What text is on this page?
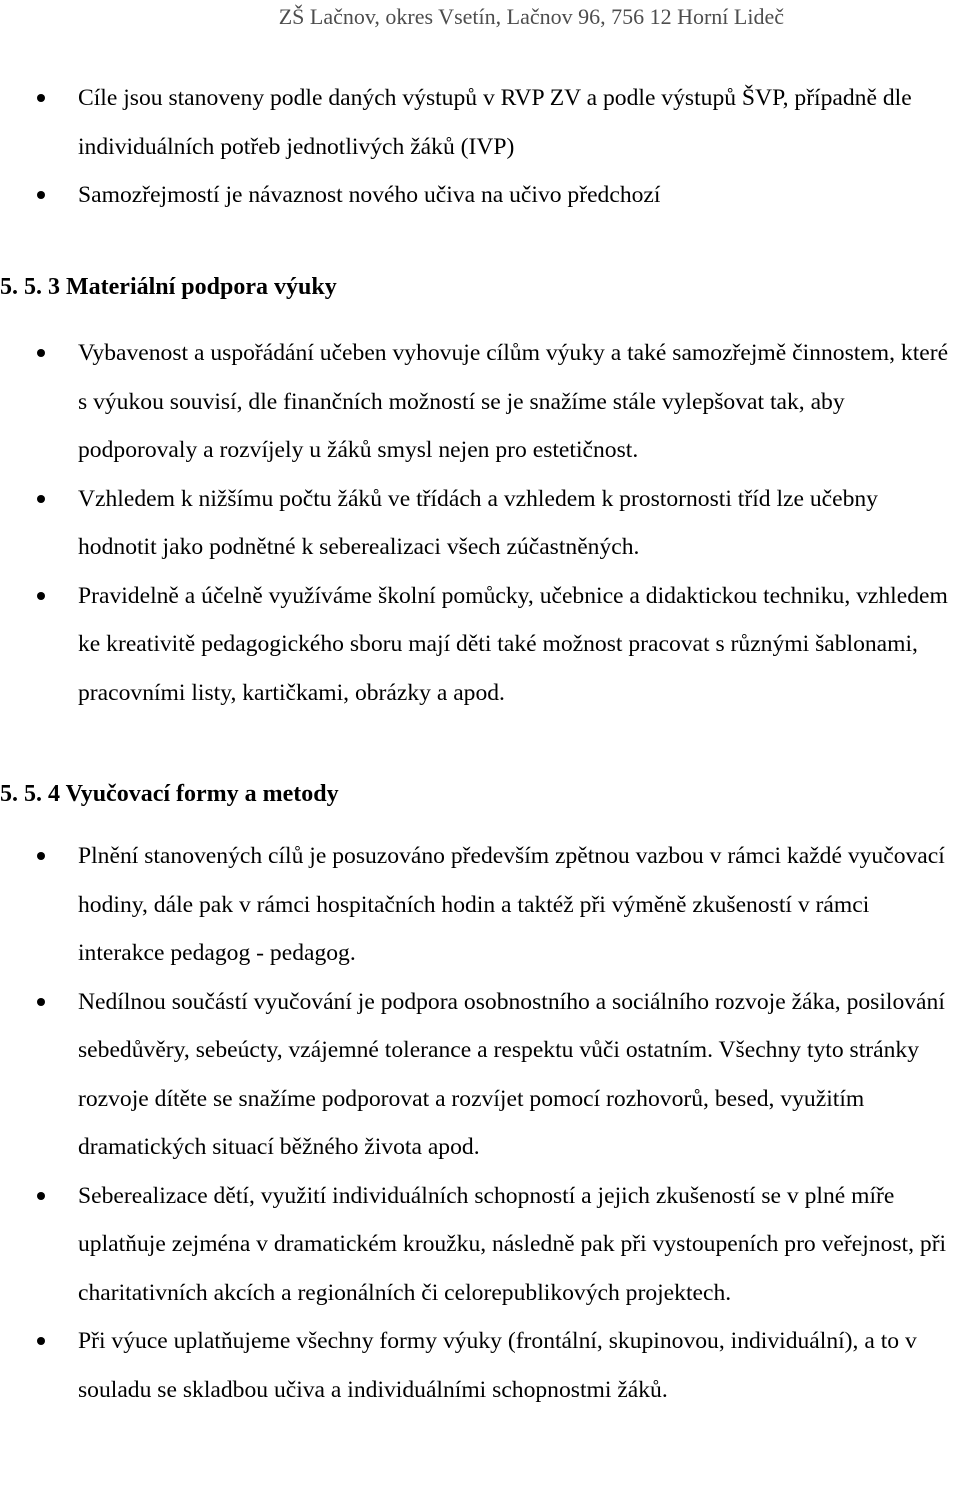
ZŠ Lačnov, okres Vsetín, Lačnov 96, 756 12 Horní Lideč
Cíle jsou stanoveny podle daných výstupů v RVP ZV a podle výstupů ŠVP, případně dle individuálních potřeb jednotlivých žáků (IVP)
Samozřejmostí je návaznost nového učiva na učivo předchozí
5. 5. 3 Materiální podpora výuky
Vybavenost a uspořádání učeben vyhovuje cílům výuky a také samozřejmě činnostem, které s výukou souvisí, dle finančních možností se je snažíme stále vylepšovat tak, aby podporovaly a rozvíjely u žáků smysl nejen pro estetičnost.
Vzhledem k nižšímu počtu žáků ve třídách a vzhledem k prostornosti tříd lze učebny hodnotit jako podnětné k seberealizaci všech zúčastněných.
Pravidelně a účelně využíváme školní pomůcky, učebnice a didaktickou techniku, vzhledem ke kreativitě pedagogického sboru mají děti také možnost pracovat s různými šablonami, pracovními listy, kartičkami, obrázky a apod.
5. 5. 4 Vyučovací formy a metody
Plnění stanovených cílů je posuzováno především zpětnou vazbou v rámci každé vyučovací hodiny, dále pak v rámci hospitačních hodin a taktéž při výměně zkušeností v rámci interakce pedagog - pedagog.
Nedílnou součástí vyučování je podpora osobnostního a sociálního rozvoje žáka, posilování sebedůvěry, sebeúcty, vzájemné tolerance a respektu vůči ostatním. Všechny tyto stránky rozvoje dítěte se snažíme podporovat a rozvíjet pomocí rozhovorů, besed, využitím dramatických situací běžného života apod.
Seberealizace dětí, využití individuálních schopností a jejich zkušeností se v plné míře uplatňuje zejména v dramatickém kroužku, následně pak při vystoupeních pro veřejnost, při charitativních akcích a regionálních či celorepublikových projektech.
Při výuce uplatňujeme všechny formy výuky (frontální, skupinovou, individuální), a to v souladu se skladbou učiva a individuálními schopnostmi žáků.
